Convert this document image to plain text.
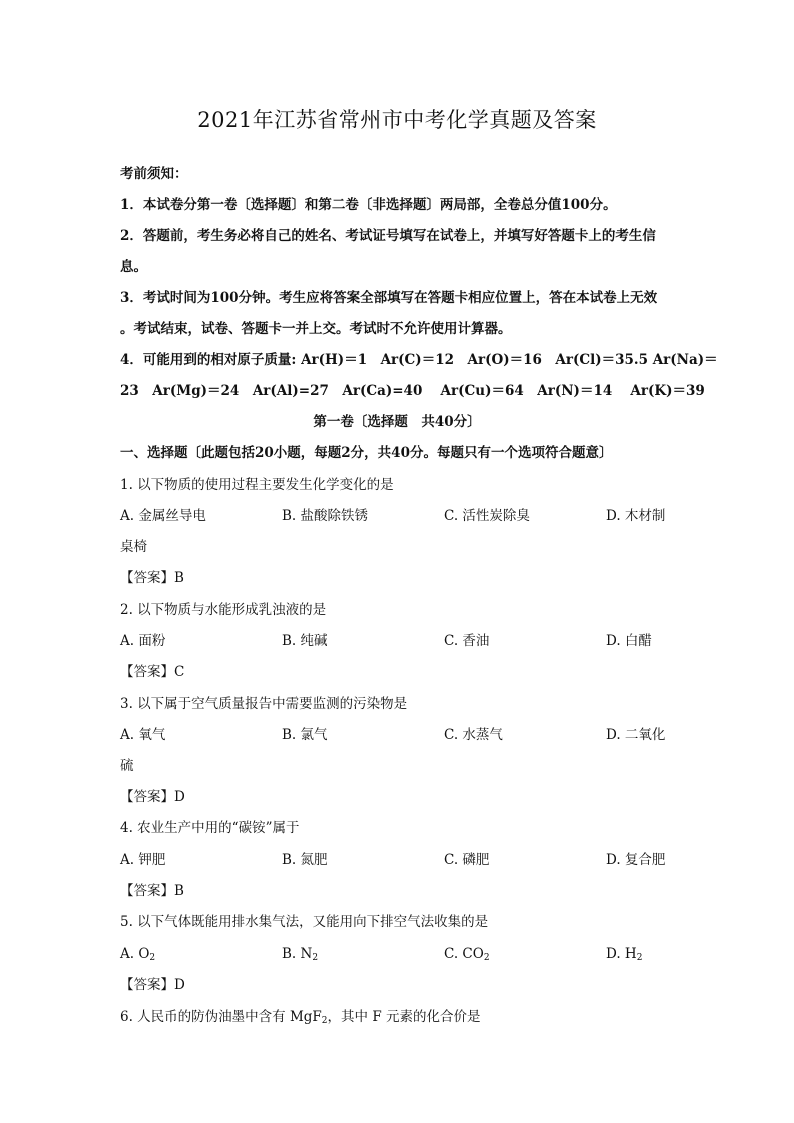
2021年江苏省常州市中考化学真题及答案
考前须知：
1．本试卷分第一卷〔选择题〕和第二卷〔非选择题〕两局部，全卷总分值100分。
2．答题前，考生务必将自己的姓名、考试证号填写在试卷上，并填写好答题卡上的考生信
息。
3．考试时间为100分钟。考生应将答案全部填写在答题卡相应位置上，答在本试卷上无效
。考试结束，试卷、答题卡一并上交。考试时不允许使用计算器。
4．可能用到的相对原子质量: Ar(H)＝1　Ar(C)＝12　Ar(O)＝16　Ar(Cl)＝35.5 Ar(Na)＝
23　Ar(Mg)＝24　Ar(Al)=27　Ar(Ca)=40　 Ar(Cu)＝64　Ar(N)＝14　 Ar(K)＝39
第一卷〔选择题　共40分〕
一、选择题〔此题包括20小题，每题2分，共40分。每题只有一个选项符合题意〕
1. 以下物质的使用过程主要发生化学变化的是
A. 金属丝导电	B. 盐酸除铁锈	C. 活性炭除臭	D. 木材制
桌椅
【答案】B
2. 以下物质与水能形成乳浊液的是
A. 面粉	B. 纯碱	C. 香油	D. 白醋
【答案】C
3. 以下属于空气质量报告中需要监测的污染物是
A. 氧气	B. 氯气	C. 水蒸气	D. 二氧化
硫
【答案】D
4. 农业生产中用的“碳铵”属于
A. 钾肥	B. 氮肥	C. 磷肥	D. 复合肥
【答案】B
5. 以下气体既能用排水集气法，又能用向下排空气法收集的是
A. $O_2$	B. $N_2$	C. $CO_2$	D. $H_2$
【答案】D
6. 人民币的防伪油墨中含有 MgF$_2$，其中 F 元素的化合价是
